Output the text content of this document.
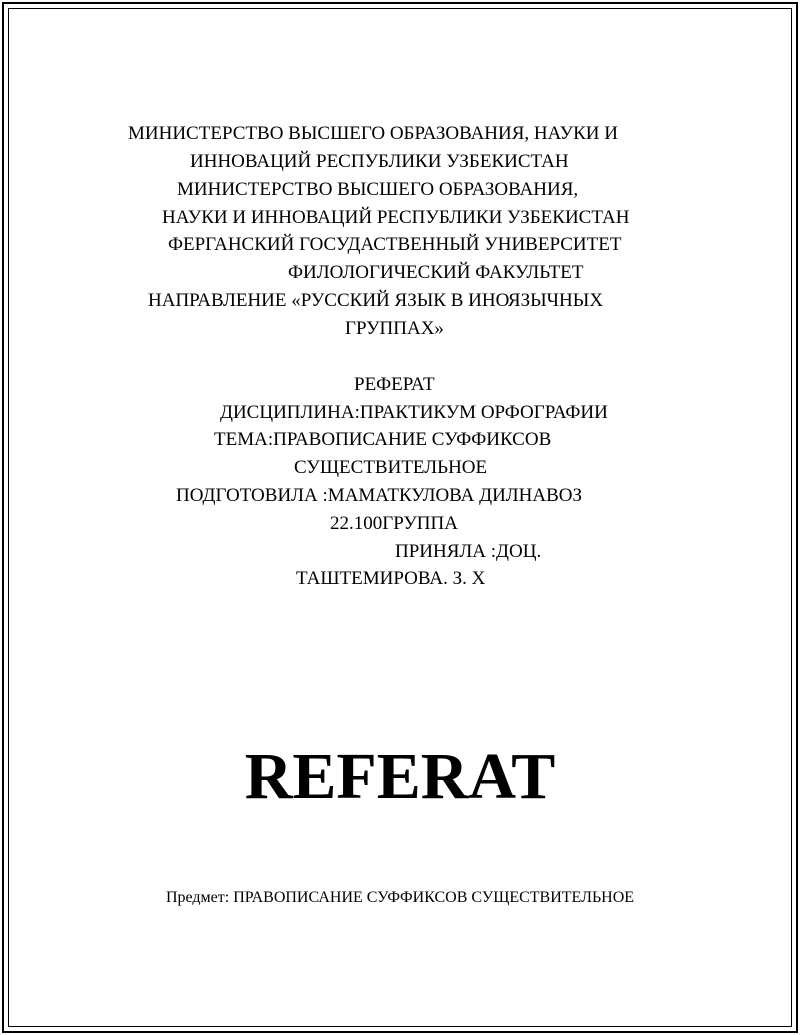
МИНИСТЕРСТВО ВЫСШЕГО ОБРАЗОВАНИЯ, НАУКИ И
ИННОВАЦИЙ РЕСПУБЛИКИ УЗБЕКИСТАН
МИНИСТЕРСТВО ВЫСШЕГО ОБРАЗОВАНИЯ,
НАУКИ И ИННОВАЦИЙ РЕСПУБЛИКИ УЗБЕКИСТАН
ФЕРГАНСКИЙ ГОСУДАСТВЕННЫЙ УНИВЕРСИТЕТ
ФИЛОЛОГИЧЕСКИЙ ФАКУЛЬТЕТ
НАПРАВЛЕНИЕ «РУССКИЙ ЯЗЫК В ИНОЯЗЫЧНЫХ
ГРУППАХ»
РЕФЕРАТ
ДИСЦИПЛИНА:ПРАКТИКУМ ОРФОГРАФИИ
ТЕМА:ПРАВОПИСАНИЕ СУФФИКСОВ
СУЩЕСТВИТЕЛЬНОЕ
ПОДГОТОВИЛА :МАМАТКУЛОВА ДИЛНАВОЗ
22.100ГРУППА
ПРИНЯЛА :ДОЦ.
ТАШТЕМИРОВА. З. Х
REFERAT
Предмет: ПРАВОПИСАНИЕ СУФФИКСОВ СУЩЕСТВИТЕЛЬНОЕ
